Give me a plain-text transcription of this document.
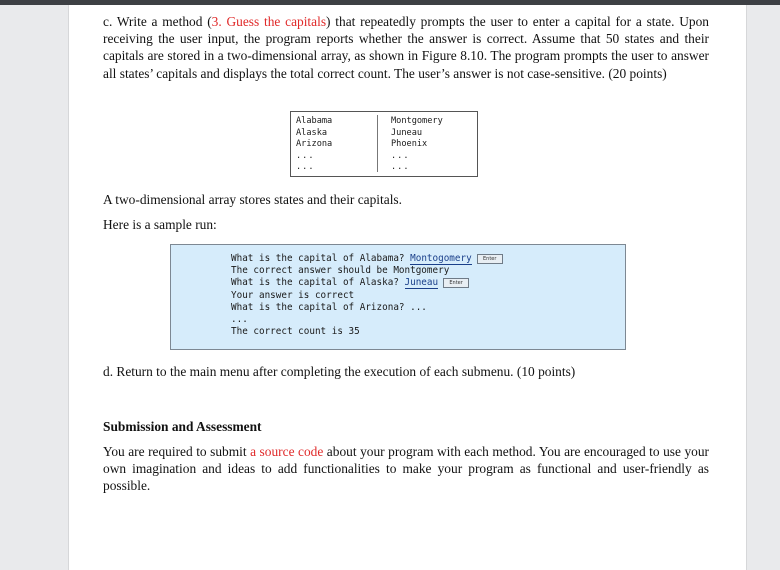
c. Write a method (3. Guess the capitals) that repeatedly prompts the user to enter a capital for a state. Upon receiving the user input, the program reports whether the answer is correct. Assume that 50 states and their capitals are stored in a two-dimensional array, as shown in Figure 8.10. The program prompts the user to answer all states’ capitals and displays the total correct count. The user’s answer is not case-sensitive. (20 points)
Alabama
Alaska
Arizona
...
...
Montgomery
Juneau
Phoenix
...
...
A two-dimensional array stores states and their capitals.
Here is a sample run:
What is the capital of Alabama? Montogomery Enter
The correct answer should be Montgomery
What is the capital of Alaska? Juneau Enter
Your answer is correct
What is the capital of Arizona? ...
...
The correct count is 35
d. Return to the main menu after completing the execution of each submenu. (10 points)
Submission and Assessment
You are required to submit a source code about your program with each method. You are encouraged to use your own imagination and ideas to add functionalities to make your program as functional and user-friendly as possible.
